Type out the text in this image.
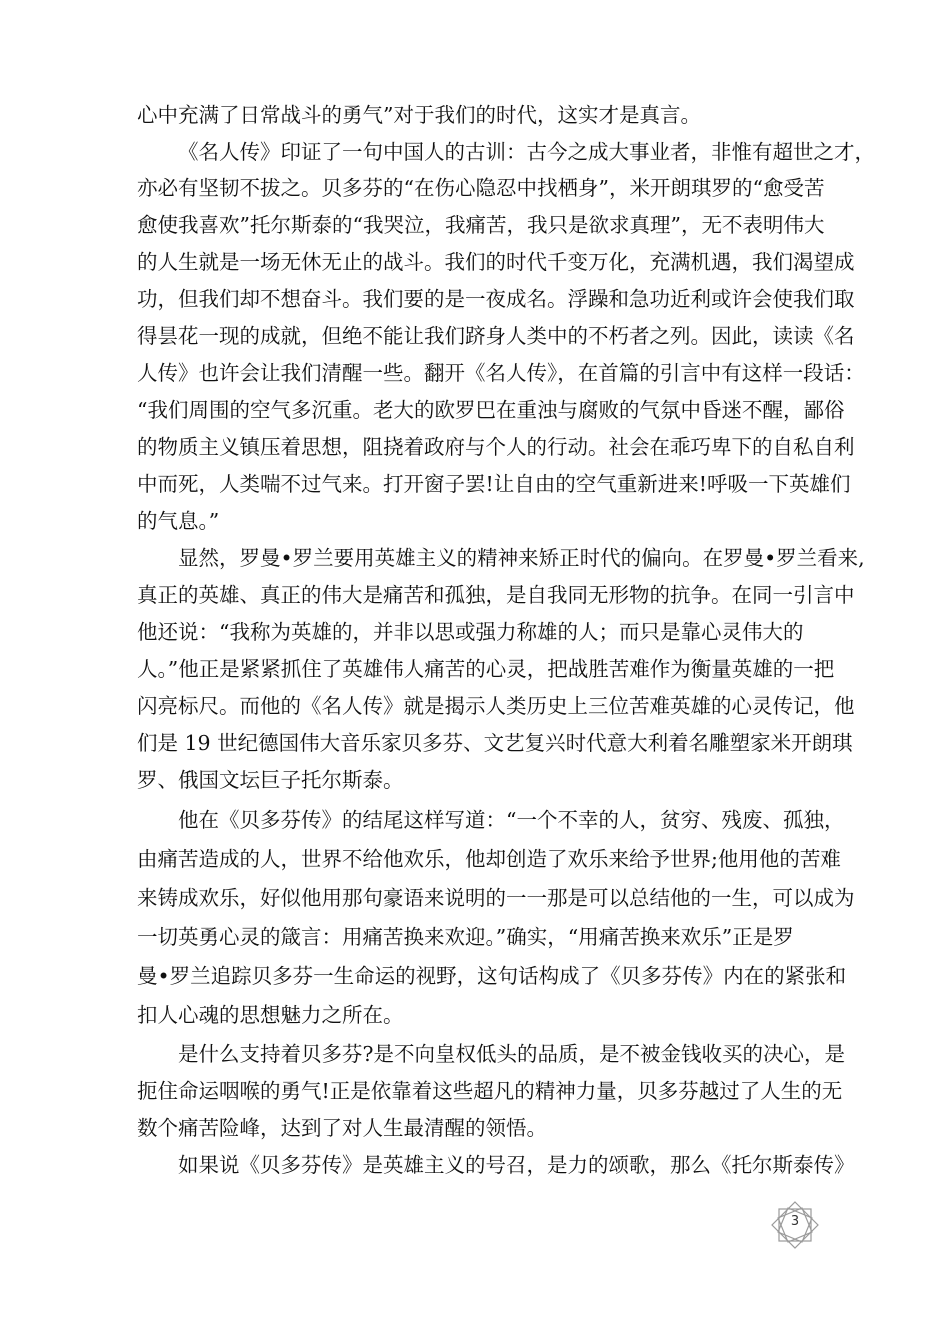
心中充满了日常战斗的勇气”对于我们的时代，这实才是真言。
《名人传》印证了一句中国人的古训：古今之成大事业者，非惟有超世之才，
亦必有坚韧不拔之。贝多芬的“在伤心隐忍中找栖身”，米开朗琪罗的“愈受苦
愈使我喜欢”托尔斯泰的“我哭泣，我痛苦，我只是欲求真理”，无不表明伟大
的人生就是一场无休无止的战斗。我们的时代千变万化，充满机遇，我们渴望成
功，但我们却不想奋斗。我们要的是一夜成名。浮躁和急功近利或许会使我们取
得昙花一现的成就，但绝不能让我们跻身人类中的不朽者之列。因此，读读《名
人传》也许会让我们清醒一些。翻开《名人传》，在首篇的引言中有这样一段话：
“我们周围的空气多沉重。老大的欧罗巴在重浊与腐败的气氛中昏迷不醒，鄙俗
的物质主义镇压着思想，阻挠着政府与个人的行动。社会在乖巧卑下的自私自利
中而死，人类喘不过气来。打开窗子罢!让自由的空气重新进来!呼吸一下英雄们
的气息。”
显然，罗曼•罗兰要用英雄主义的精神来矫正时代的偏向。在罗曼•罗兰看来,
真正的英雄、真正的伟大是痛苦和孤独，是自我同无形物的抗争。在同一引言中
他还说：“我称为英雄的，并非以思或强力称雄的人；而只是靠心灵伟大的
人。”他正是紧紧抓住了英雄伟人痛苦的心灵，把战胜苦难作为衡量英雄的一把
闪亮标尺。而他的《名人传》就是揭示人类历史上三位苦难英雄的心灵传记，他
们是 19 世纪德国伟大音乐家贝多芬、文艺复兴时代意大利着名雕塑家米开朗琪
罗、俄国文坛巨子托尔斯泰。
他在《贝多芬传》的结尾这样写道：“一个不幸的人，贫穷、残废、孤独，
由痛苦造成的人，世界不给他欢乐，他却创造了欢乐来给予世界;他用他的苦难
来铸成欢乐，好似他用那句豪语来说明的一一那是可以总结他的一生，可以成为
一切英勇心灵的箴言：用痛苦换来欢迎。”确实，“用痛苦换来欢乐”正是罗
曼•罗兰追踪贝多芬一生命运的视野，这句话构成了《贝多芬传》内在的紧张和
扣人心魂的思想魅力之所在。
是什么支持着贝多芬?是不向皇权低头的品质，是不被金钱收买的决心，是
扼住命运咽喉的勇气!正是依靠着这些超凡的精神力量，贝多芬越过了人生的无
数个痛苦险峰，达到了对人生最清醒的领悟。
如果说《贝多芬传》是英雄主义的号召，是力的颂歌，那么《托尔斯泰传》
3
